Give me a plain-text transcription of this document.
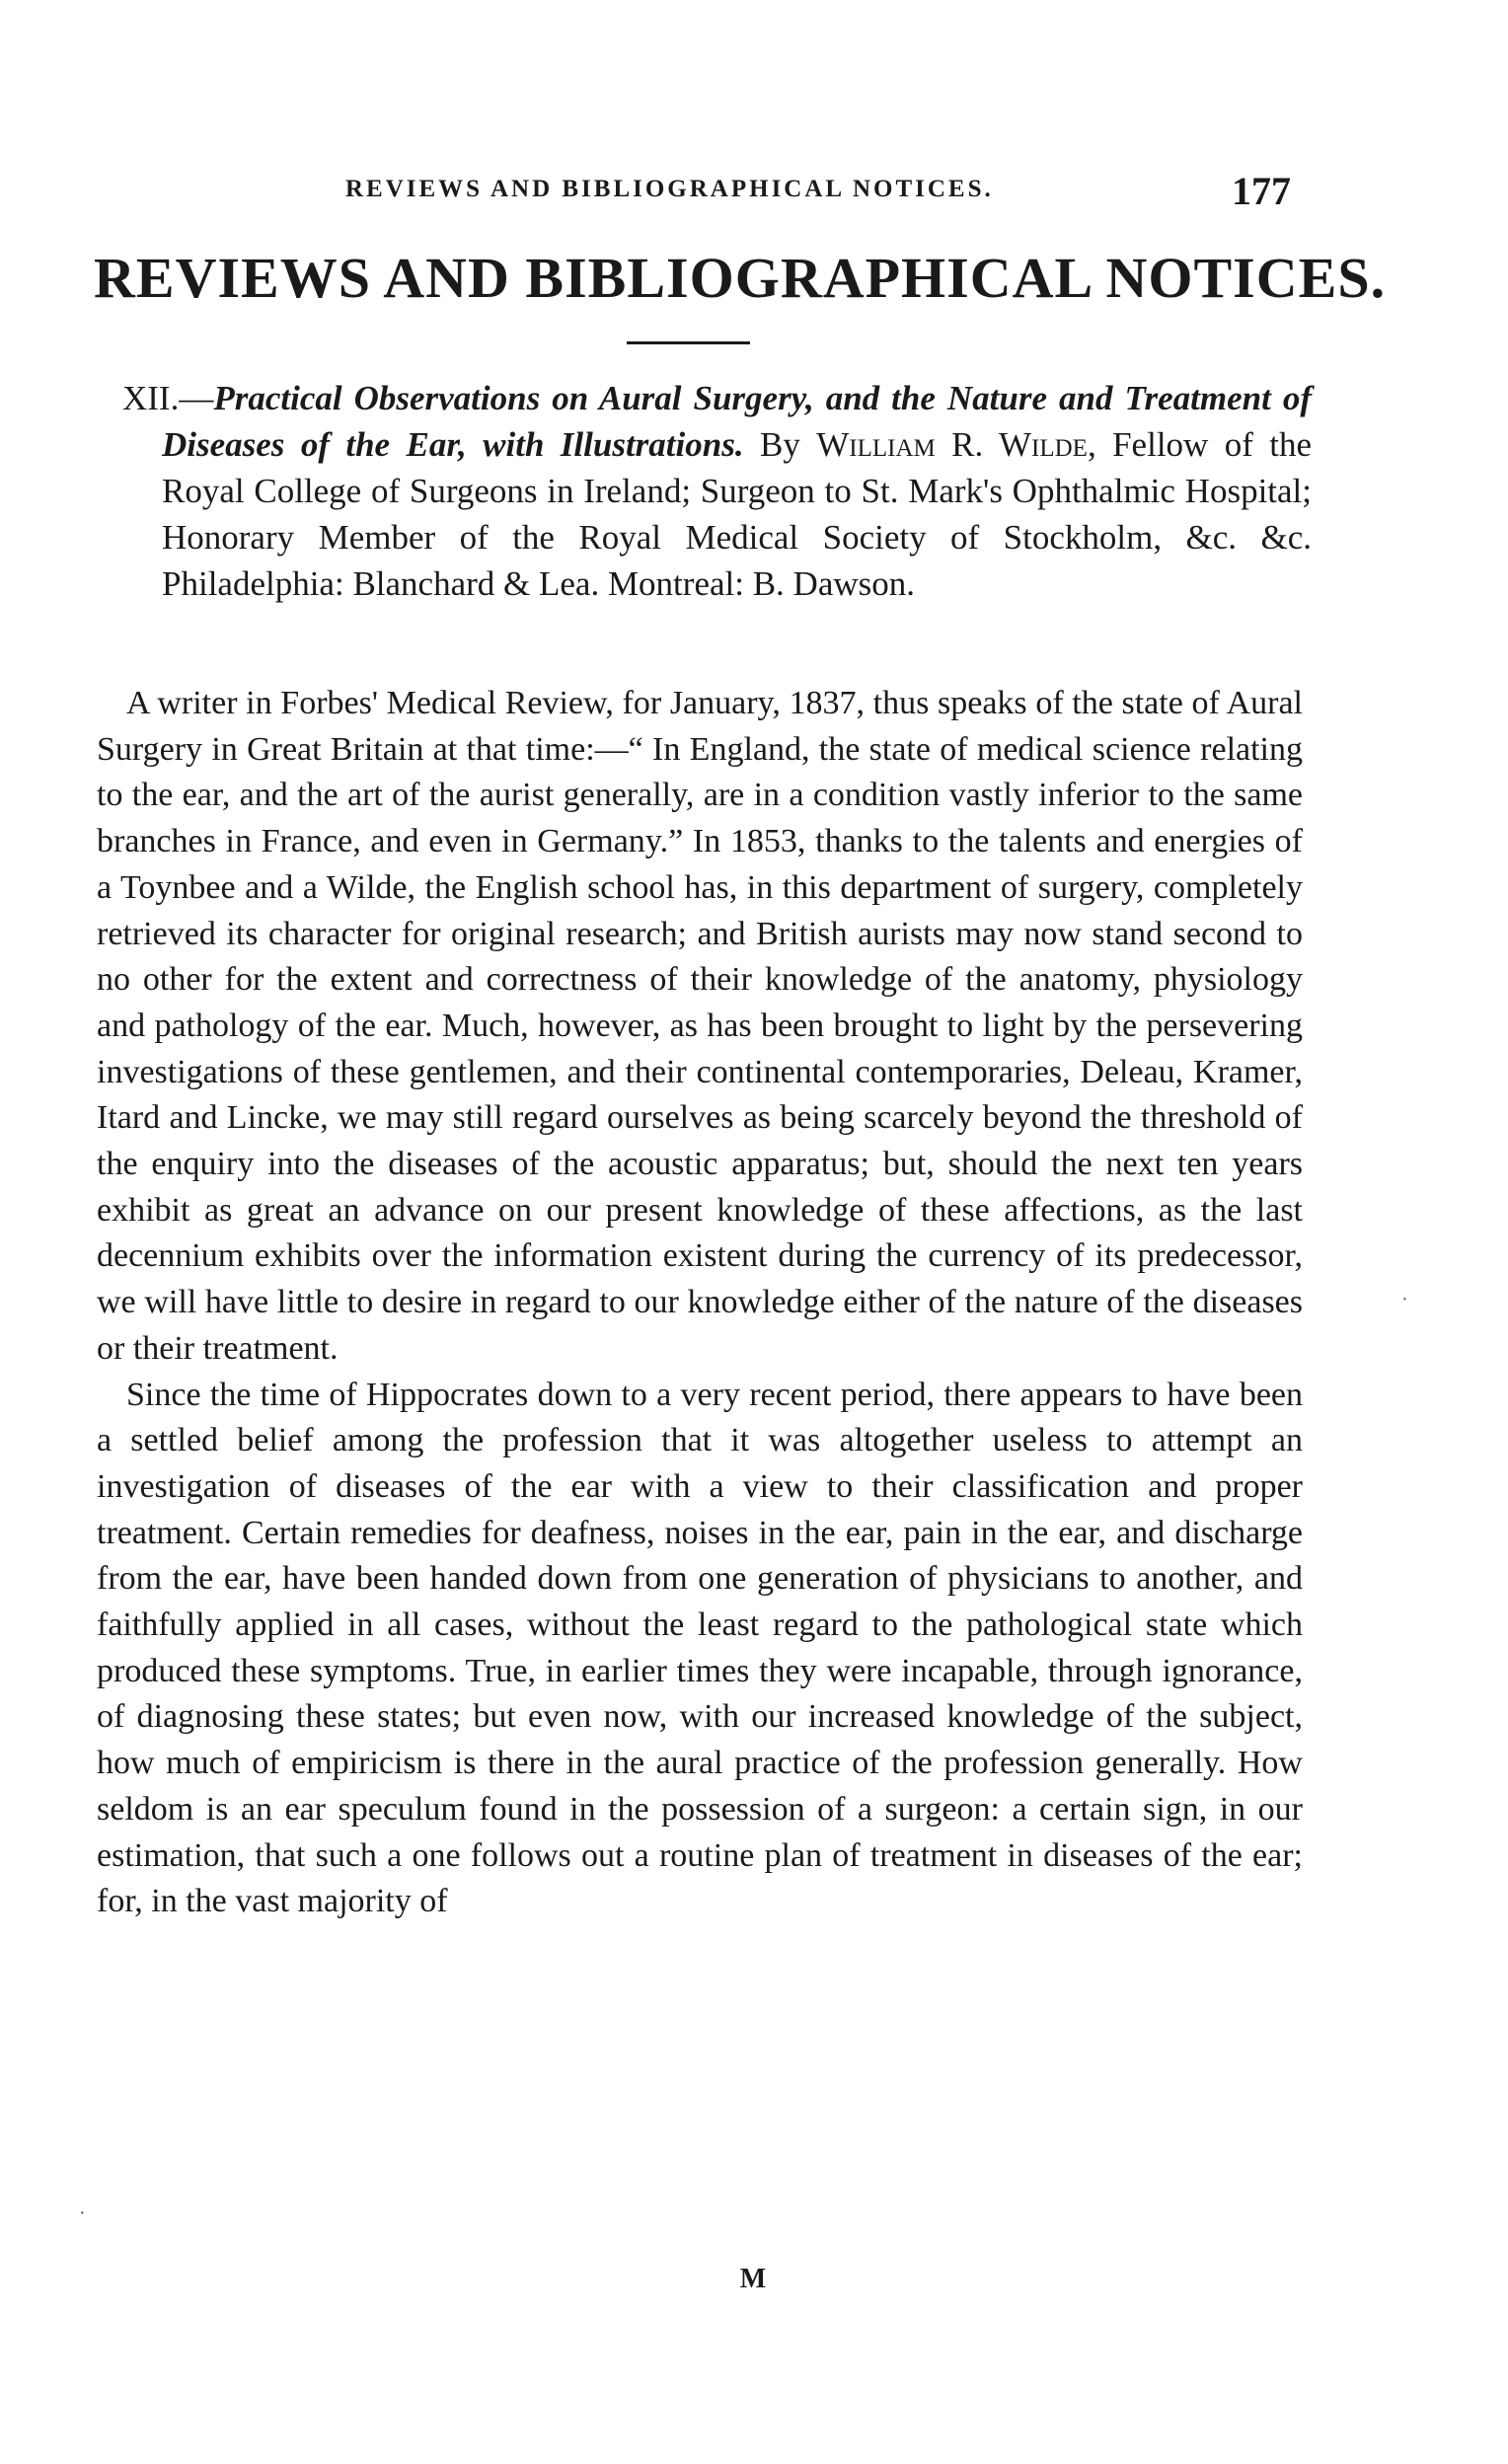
REVIEWS AND BIBLIOGRAPHICAL NOTICES.	177
REVIEWS AND BIBLIOGRAPHICAL NOTICES.
XII.—Practical Observations on Aural Surgery, and the Nature and Treatment of Diseases of the Ear, with Illustrations. By William R. Wilde, Fellow of the Royal College of Surgeons in Ireland; Surgeon to St. Mark's Ophthalmic Hospital; Honorary Member of the Royal Medical Society of Stockholm, &c. &c. Philadelphia: Blanchard & Lea. Montreal: B. Dawson.

A writer in Forbes' Medical Review, for January, 1837, thus speaks of the state of Aural Surgery in Great Britain at that time:—“ In England, the state of medical science relating to the ear, and the art of the aurist generally, are in a condition vastly inferior to the same branches in France, and even in Germany.” In 1853, thanks to the talents and energies of a Toynbee and a Wilde, the English school has, in this department of surgery, completely retrieved its character for original research; and British aurists may now stand second to no other for the extent and correctness of their knowledge of the anatomy, physiology and pathology of the ear. Much, however, as has been brought to light by the persevering investigations of these gentlemen, and their continental contemporaries, Deleau, Kramer, Itard and Lincke, we may still regard ourselves as being scarcely beyond the threshold of the enquiry into the diseases of the acoustic apparatus; but, should the next ten years exhibit as great an advance on our present knowledge of these affections, as the last decennium exhibits over the information existent during the currency of its predecessor, we will have little to desire in regard to our knowledge either of the nature of the diseases or their treatment.

Since the time of Hippocrates down to a very recent period, there appears to have been a settled belief among the profession that it was altogether useless to attempt an investigation of diseases of the ear with a view to their classification and proper treatment. Certain remedies for deafness, noises in the ear, pain in the ear, and discharge from the ear, have been handed down from one generation of physicians to another, and faithfully applied in all cases, without the least regard to the pathological state which produced these symptoms. True, in earlier times they were incapable, through ignorance, of diagnosing these states; but even now, with our increased knowledge of the subject, how much of empiricism is there in the aural practice of the profession generally. How seldom is an ear speculum found in the possession of a surgeon: a certain sign, in our estimation, that such a one follows out a routine plan of treatment in diseases of the ear; for, in the vast majority of

M
·
·
